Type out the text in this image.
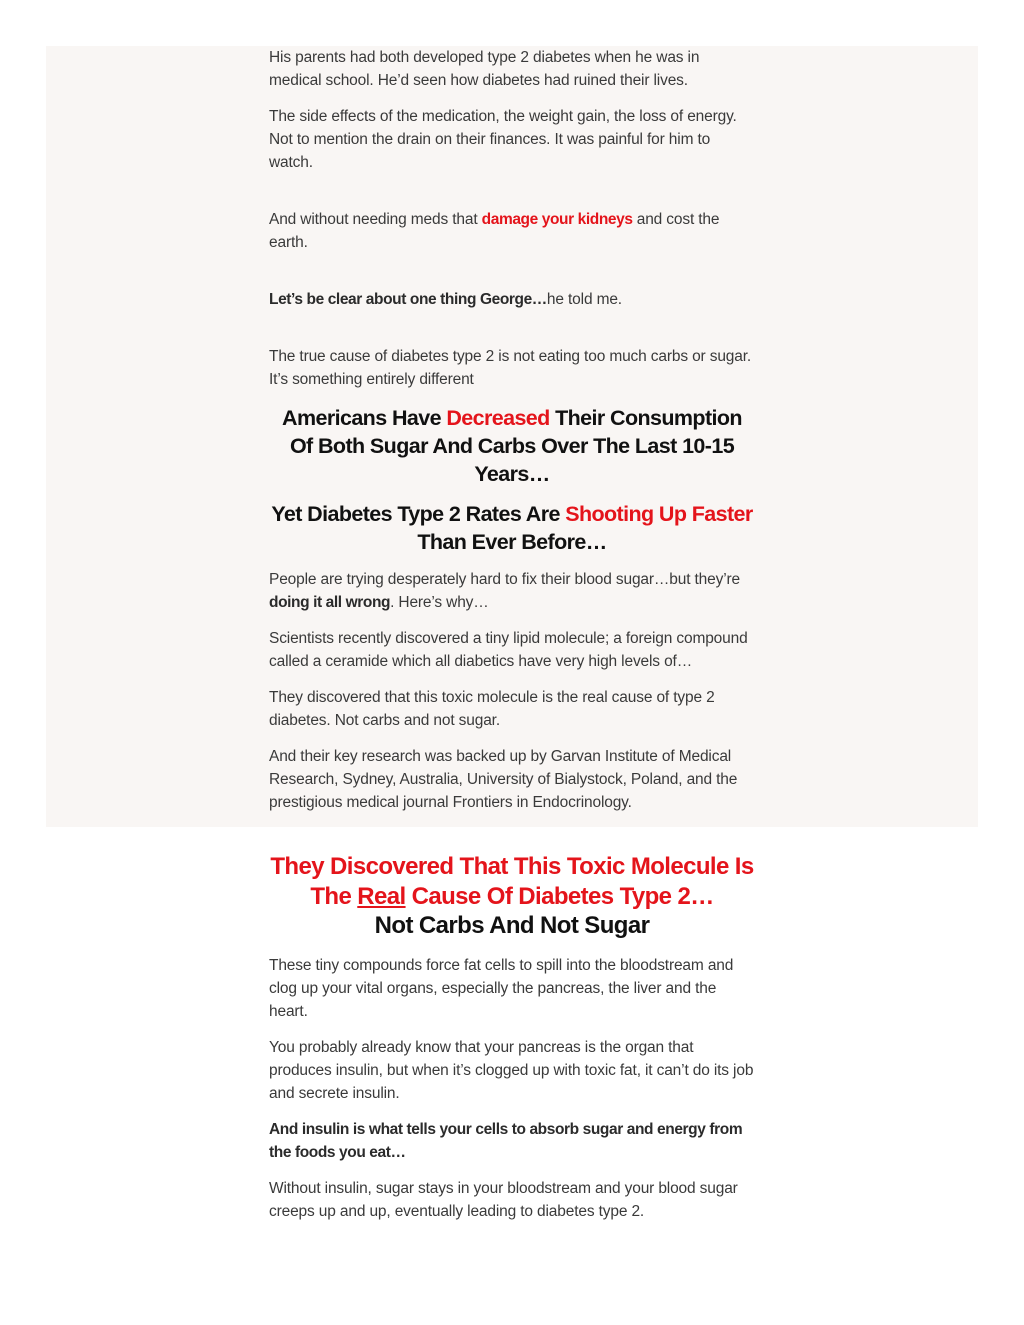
His parents had both developed type 2 diabetes when he was in medical school. He’d seen how diabetes had ruined their lives.

The side effects of the medication, the weight gain, the loss of energy. Not to mention the drain on their finances. It was painful for him to watch.

And without needing meds that damage your kidneys and cost the earth.

Let’s be clear about one thing George…he told me.

The true cause of diabetes type 2 is not eating too much carbs or sugar. It’s something entirely different

Americans Have Decreased Their Consumption Of Both Sugar And Carbs Over The Last 10-15 Years…
Yet Diabetes Type 2 Rates Are Shooting Up Faster Than Ever Before…

People are trying desperately hard to fix their blood sugar…but they’re doing it all wrong. Here’s why…

Scientists recently discovered a tiny lipid molecule; a foreign compound called a ceramide which all diabetics have very high levels of…

They discovered that this toxic molecule is the real cause of type 2 diabetes. Not carbs and not sugar.

And their key research was backed up by Garvan Institute of Medical Research, Sydney, Australia, University of Bialystock, Poland, and the prestigious medical journal Frontiers in Endocrinology.

They Discovered That This Toxic Molecule Is The Real Cause Of Diabetes Type 2…
Not Carbs And Not Sugar

These tiny compounds force fat cells to spill into the bloodstream and clog up your vital organs, especially the pancreas, the liver and the heart.

You probably already know that your pancreas is the organ that produces insulin, but when it’s clogged up with toxic fat, it can’t do its job and secrete insulin.

And insulin is what tells your cells to absorb sugar and energy from the foods you eat…

Without insulin, sugar stays in your bloodstream and your blood sugar creeps up and up, eventually leading to diabetes type 2.
